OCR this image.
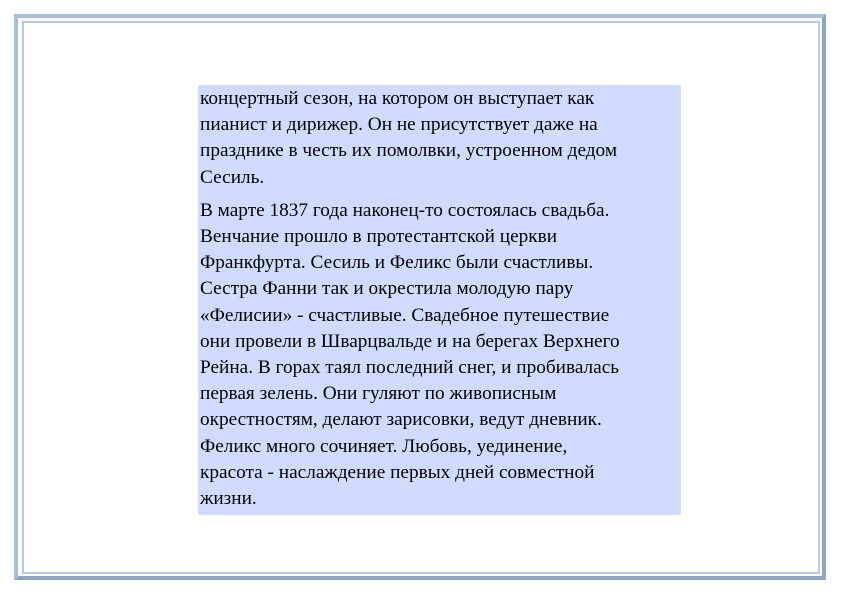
концертный сезон, на котором он выступает как
пианист и дирижер. Он не присутствует даже на
празднике в честь их помолвки, устроенном дедом
Сесиль.

В марте 1837 года наконец-то состоялась свадьба.
Венчание прошло в протестантской церкви
Франкфурта. Сесиль и Феликс были счастливы.
Сестра Фанни так и окрестила молодую пару
«Фелисии» - счастливые. Свадебное путешествие
они провели в Шварцвальде и на берегах Верхнего
Рейна. В горах таял последний снег, и пробивалась
первая зелень. Они гуляют по живописным
окрестностям, делают зарисовки, ведут дневник.
Феликс много сочиняет. Любовь, уединение,
красота - наслаждение первых дней совместной
жизни.
